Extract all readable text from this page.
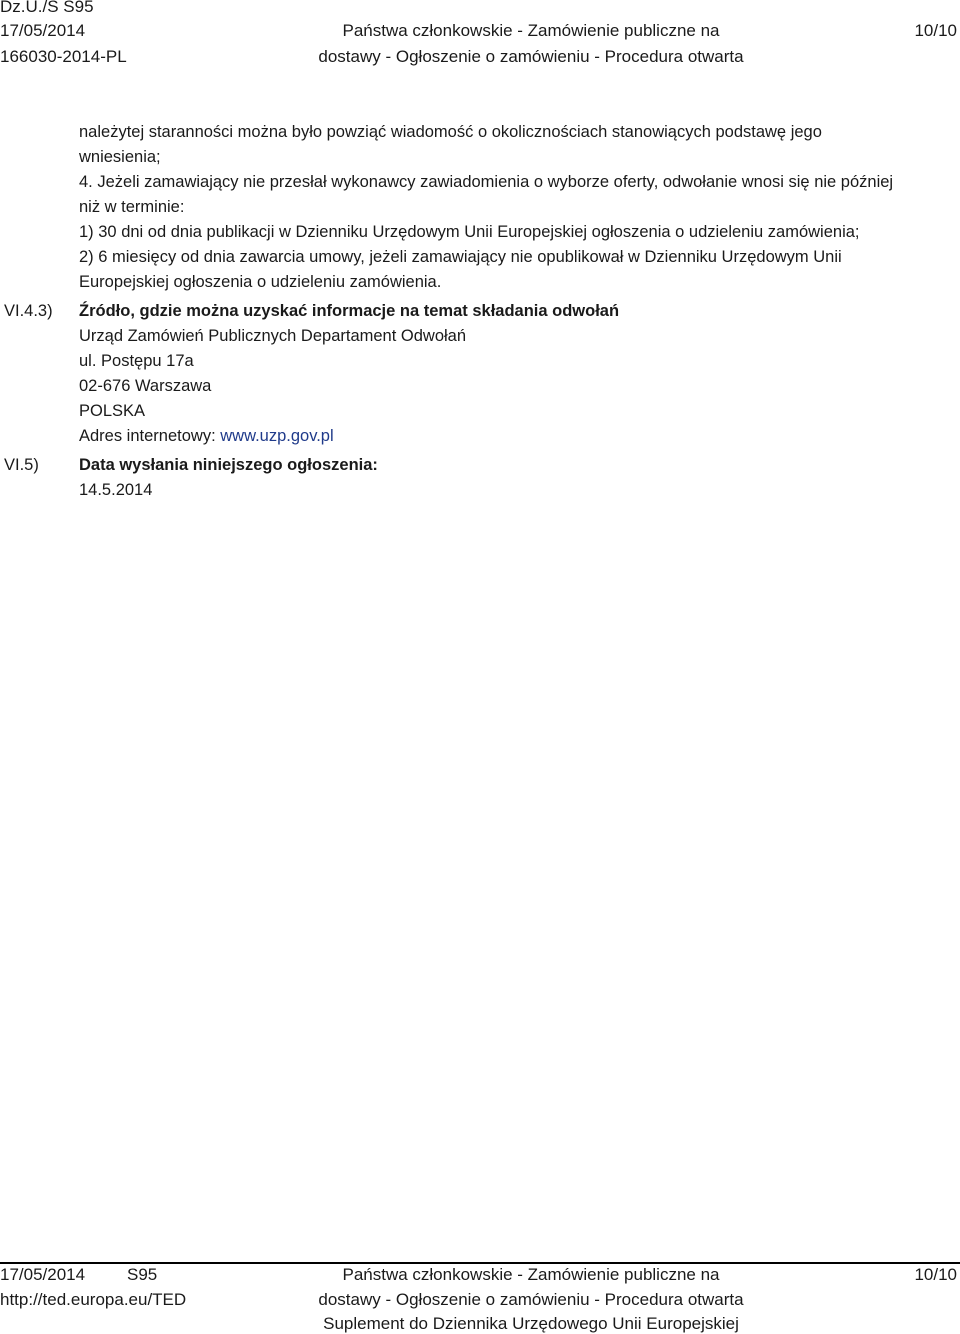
Dz.U./S S95
17/05/2014
166030-2014-PL
Państwa członkowskie - Zamówienie publiczne na
dostawy - Ogłoszenie o zamówieniu - Procedura otwarta
10/10

należytej staranności można było powziąć wiadomość o okolicznościach stanowiących podstawę jego

wniesienia;

4. Jeżeli zamawiający nie przesłał wykonawcy zawiadomienia o wyborze oferty, odwołanie wnosi się nie później

niż w terminie:

1) 30 dni od dnia publikacji w Dzienniku Urzędowym Unii Europejskiej ogłoszenia o udzieleniu zamówienia;

2) 6 miesięcy od dnia zawarcia umowy, jeżeli zamawiający nie opublikował w Dzienniku Urzędowym Unii

Europejskiej ogłoszenia o udzieleniu zamówienia.

VI.4.3) Źródło, gdzie można uzyskać informacje na temat składania odwołań

Urząd Zamówień Publicznych Departament Odwołań

ul. Postępu 17a

02-676 Warszawa

POLSKA

Adres internetowy: www.uzp.gov.pl

VI.5) Data wysłania niniejszego ogłoszenia:

14.5.2014

17/05/2014 S95
http://ted.europa.eu/TED
Państwa członkowskie - Zamówienie publiczne na
dostawy - Ogłoszenie o zamówieniu - Procedura otwarta
Suplement do Dziennika Urzędowego Unii Europejskiej
10/10
